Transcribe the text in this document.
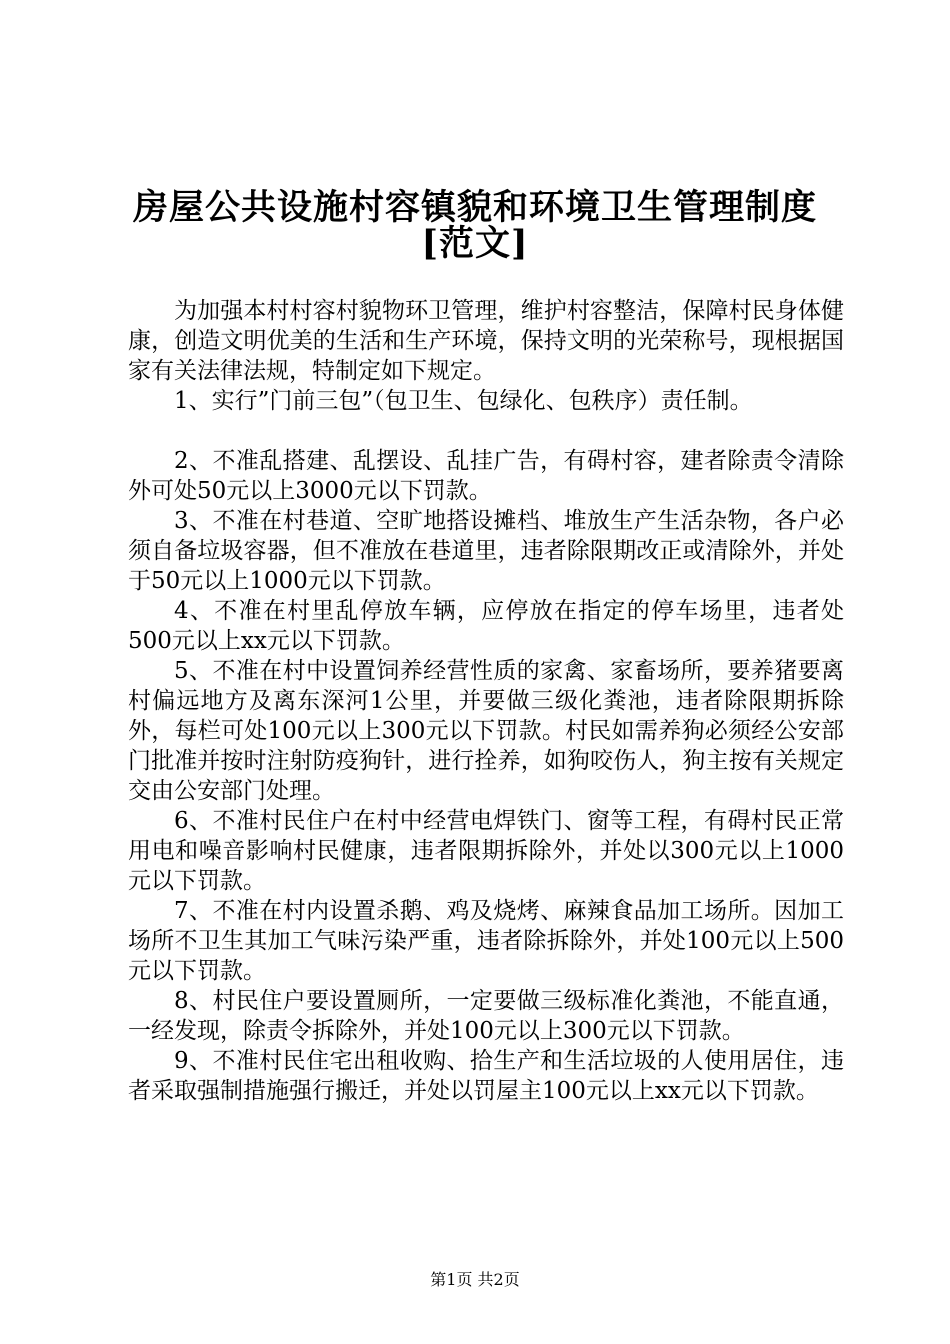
房屋公共设施村容镇貌和环境卫生管理制度
[范文]

为加强本村村容村貌物环卫管理，维护村容整洁，保障村民身体健康，创造文明优美的生活和生产环境，保持文明的光荣称号，现根据国家有关法律法规，特制定如下规定。

1、实行”门前三包”（包卫生、包绿化、包秩序）责任制。

2、不准乱搭建、乱摆设、乱挂广告，有碍村容，建者除责令清除外可处50元以上3000元以下罚款。

3、不准在村巷道、空旷地搭设摊档、堆放生产生活杂物，各户必须自备垃圾容器，但不准放在巷道里，违者除限期改正或清除外，并处于50元以上1000元以下罚款。

4、不准在村里乱停放车辆，应停放在指定的停车场里，违者处500元以上xx元以下罚款。

5、不准在村中设置饲养经营性质的家禽、家畜场所，要养猪要离村偏远地方及离东深河1公里，并要做三级化粪池，违者除限期拆除外，每栏可处100元以上300元以下罚款。村民如需养狗必须经公安部门批准并按时注射防疫狗针，进行拴养，如狗咬伤人，狗主按有关规定交由公安部门处理。

6、不准村民住户在村中经营电焊铁门、窗等工程，有碍村民正常用电和噪音影响村民健康，违者限期拆除外，并处以300元以上1000元以下罚款。

7、不准在村内设置杀鹅、鸡及烧烤、麻辣食品加工场所。因加工场所不卫生其加工气味污染严重，违者除拆除外，并处100元以上500元以下罚款。

8、村民住户要设置厕所，一定要做三级标准化粪池，不能直通，一经发现，除责令拆除外，并处100元以上300元以下罚款。

9、不准村民住宅出租收购、拾生产和生活垃圾的人使用居住，违者采取强制措施强行搬迁，并处以罚屋主100元以上xx元以下罚款。

第1页 共2页
